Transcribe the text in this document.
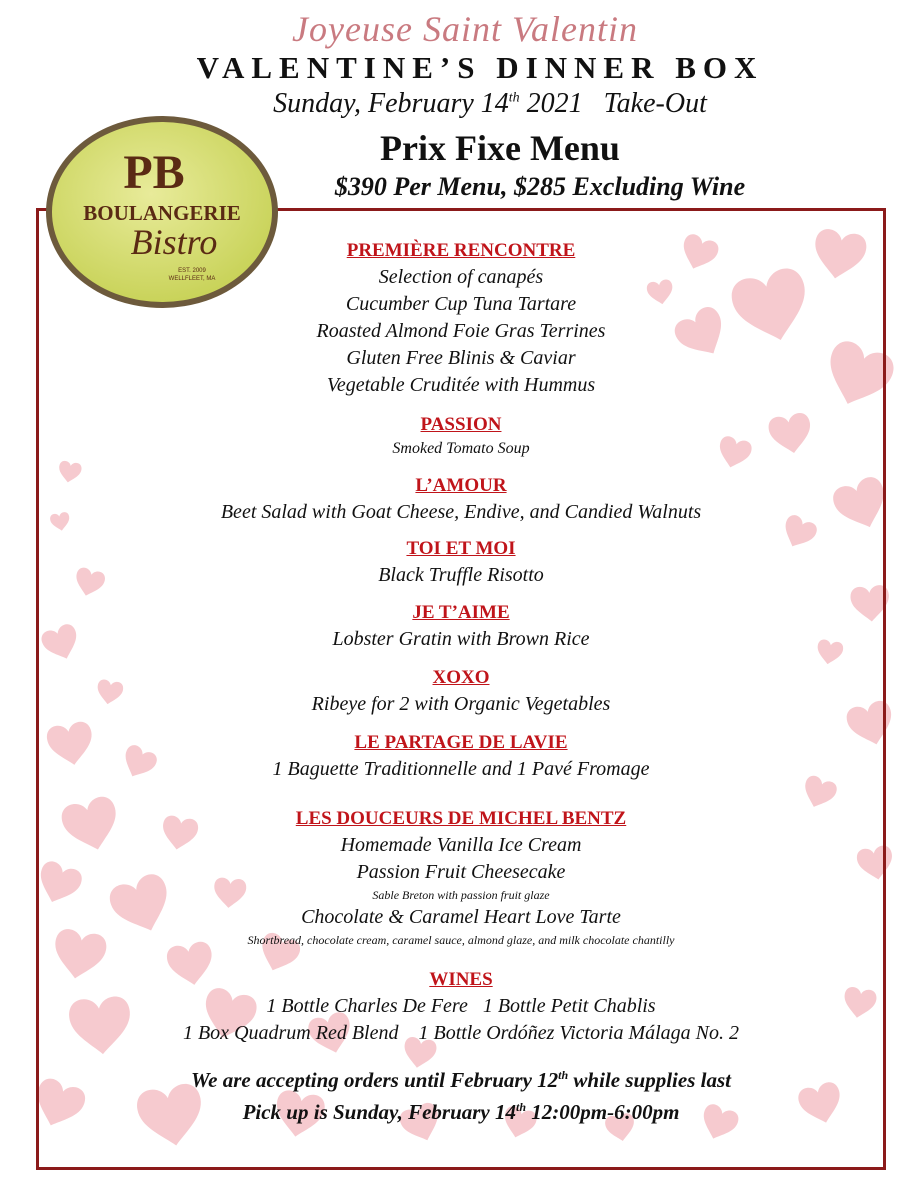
Joyeuse Saint Valentin
VALENTINE’S DINNER BOX
Sunday, February 14th 2021   Take-Out
Prix Fixe Menu
$390 Per Menu, $285 Excluding Wine
PB
BOULANGERIE
Bistro
EST. 2009
WELLFLEET, MA

PREMIÈRE RENCONTRE

Selection of canapés

Cucumber Cup Tuna Tartare

Roasted Almond Foie Gras Terrines

Gluten Free Blinis & Caviar

Vegetable Cruditée with Hummus

PASSION

Smoked Tomato Soup

L’AMOUR

Beet Salad with Goat Cheese, Endive, and Candied Walnuts

TOI ET MOI

Black Truffle Risotto

JE T’AIME

Lobster Gratin with Brown Rice

XOXO

Ribeye for 2 with Organic Vegetables

LE PARTAGE DE LAVIE

1 Baguette Traditionnelle and 1 Pavé Fromage

LES DOUCEURS DE MICHEL BENTZ

Homemade Vanilla Ice Cream

Passion Fruit Cheesecake

Sable Breton with passion fruit glaze

Chocolate & Caramel Heart Love Tarte

Shortbread, chocolate cream, caramel sauce, almond glaze, and milk chocolate chantilly

WINES

1 Bottle Charles De Fere   1 Bottle Petit Chablis

1 Box Quadrum Red Blend    1 Bottle Ordóñez Victoria Málaga No. 2

We are accepting orders until February 12th while supplies last
Pick up is Sunday, February 14th 12:00pm-6:00pm
